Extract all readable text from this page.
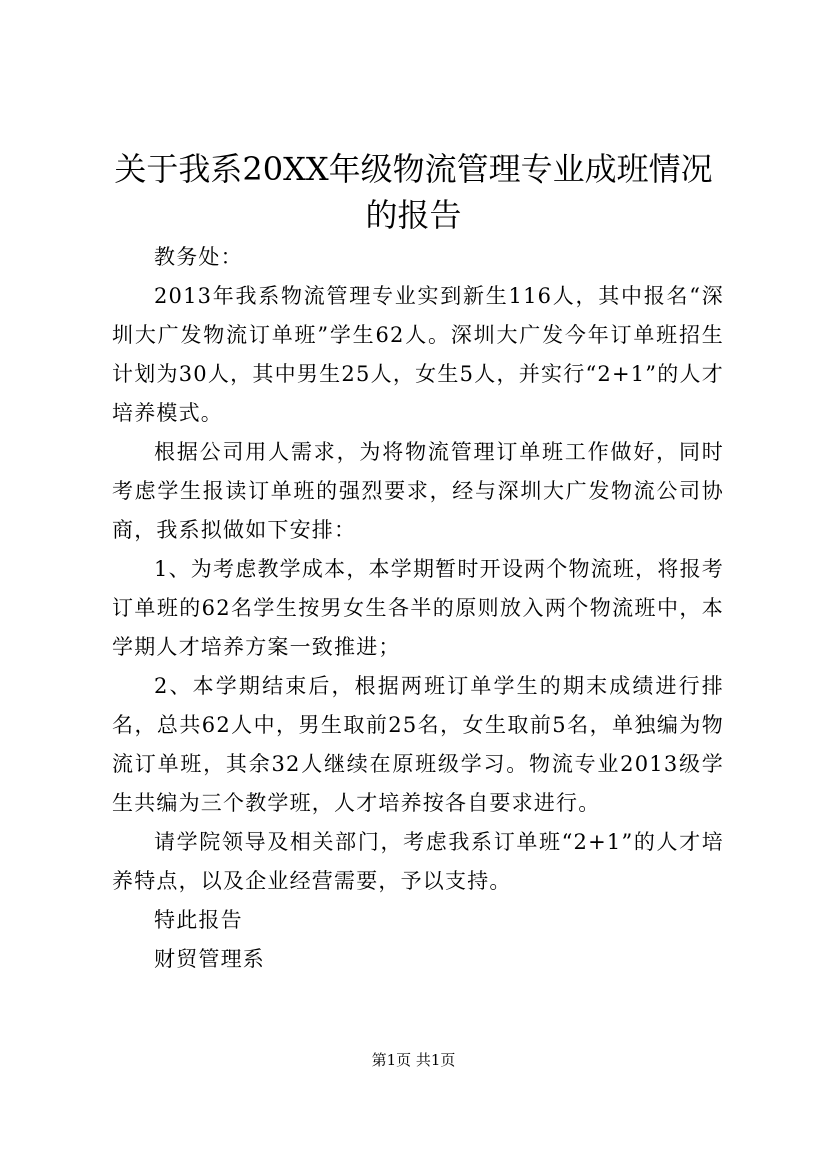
关于我系20XX年级物流管理专业成班情况的报告

教务处：

2013年我系物流管理专业实到新生116人，其中报名“深圳大广发物流订单班”学生62人。深圳大广发今年订单班招生计划为30人，其中男生25人，女生5人，并实行“2+1”的人才培养模式。

根据公司用人需求，为将物流管理订单班工作做好，同时考虑学生报读订单班的强烈要求，经与深圳大广发物流公司协商，我系拟做如下安排：

1、为考虑教学成本，本学期暂时开设两个物流班，将报考订单班的62名学生按男女生各半的原则放入两个物流班中，本学期人才培养方案一致推进；

2、本学期结束后，根据两班订单学生的期末成绩进行排名，总共62人中，男生取前25名，女生取前5名，单独编为物流订单班，其余32人继续在原班级学习。物流专业2013级学生共编为三个教学班，人才培养按各自要求进行。

请学院领导及相关部门，考虑我系订单班“2+1”的人才培养特点，以及企业经营需要，予以支持。

特此报告

财贸管理系

第1页 共1页
